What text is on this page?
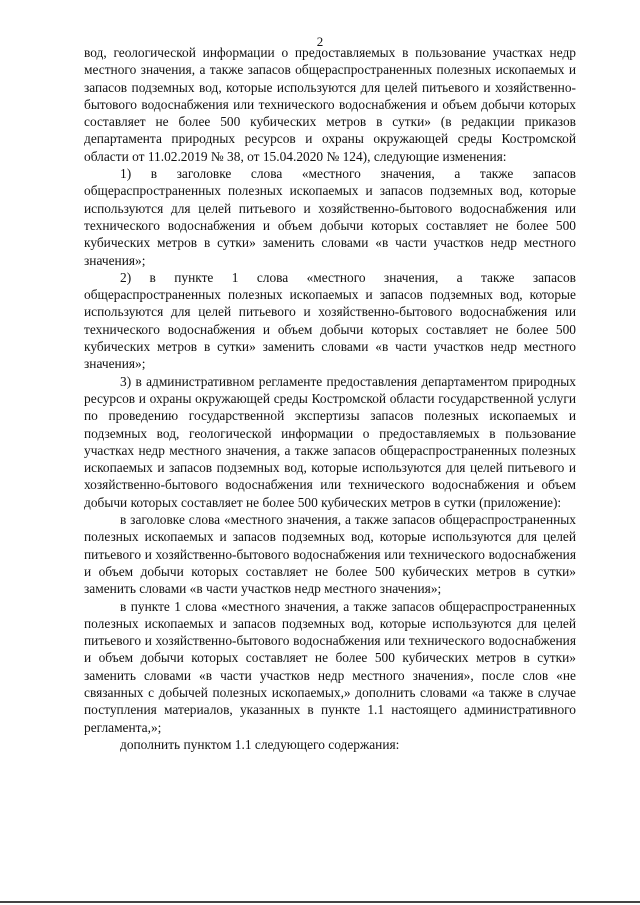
2

вод, геологической информации о предоставляемых в пользование участках недр местного значения, а также запасов общераспространенных полезных ископаемых и запасов подземных вод, которые используются для целей питьевого и хозяйственно-бытового водоснабжения или технического водоснабжения и объем добычи которых составляет не более 500 кубических метров в сутки» (в редакции приказов департамента природных ресурсов и охраны окружающей среды Костромской области от 11.02.2019 № 38, от 15.04.2020 № 124), следующие изменения:

1) в заголовке слова «местного значения, а также запасов общераспространенных полезных ископаемых и запасов подземных вод, которые используются для целей питьевого и хозяйственно-бытового водоснабжения или технического водоснабжения и объем добычи которых составляет не более 500 кубических метров в сутки» заменить словами «в части участков недр местного значения»;

2) в пункте 1 слова «местного значения, а также запасов общераспространенных полезных ископаемых и запасов подземных вод, которые используются для целей питьевого и хозяйственно-бытового водоснабжения или технического водоснабжения и объем добычи которых составляет не более 500 кубических метров в сутки» заменить словами «в части участков недр местного значения»;

3) в административном регламенте предоставления департаментом природных ресурсов и охраны окружающей среды Костромской области государственной услуги по проведению государственной экспертизы запасов полезных ископаемых и подземных вод, геологической информации о предоставляемых в пользование участках недр местного значения, а также запасов общераспространенных полезных ископаемых и запасов подземных вод, которые используются для целей питьевого и хозяйственно-бытового водоснабжения или технического водоснабжения и объем добычи которых составляет не более 500 кубических метров в сутки (приложение):

в заголовке слова «местного значения, а также запасов общераспространенных полезных ископаемых и запасов подземных вод, которые используются для целей питьевого и хозяйственно-бытового водоснабжения или технического водоснабжения и объем добычи которых составляет не более 500 кубических метров в сутки» заменить словами «в части участков недр местного значения»;

в пункте 1 слова «местного значения, а также запасов общераспространенных полезных ископаемых и запасов подземных вод, которые используются для целей питьевого и хозяйственно-бытового водоснабжения или технического водоснабжения и объем добычи которых составляет не более 500 кубических метров в сутки» заменить словами «в части участков недр местного значения», после слов «не связанных с добычей полезных ископаемых,» дополнить словами «а также в случае поступления материалов, указанных в пункте 1.1 настоящего административного регламента,»;

дополнить пунктом 1.1 следующего содержания:
